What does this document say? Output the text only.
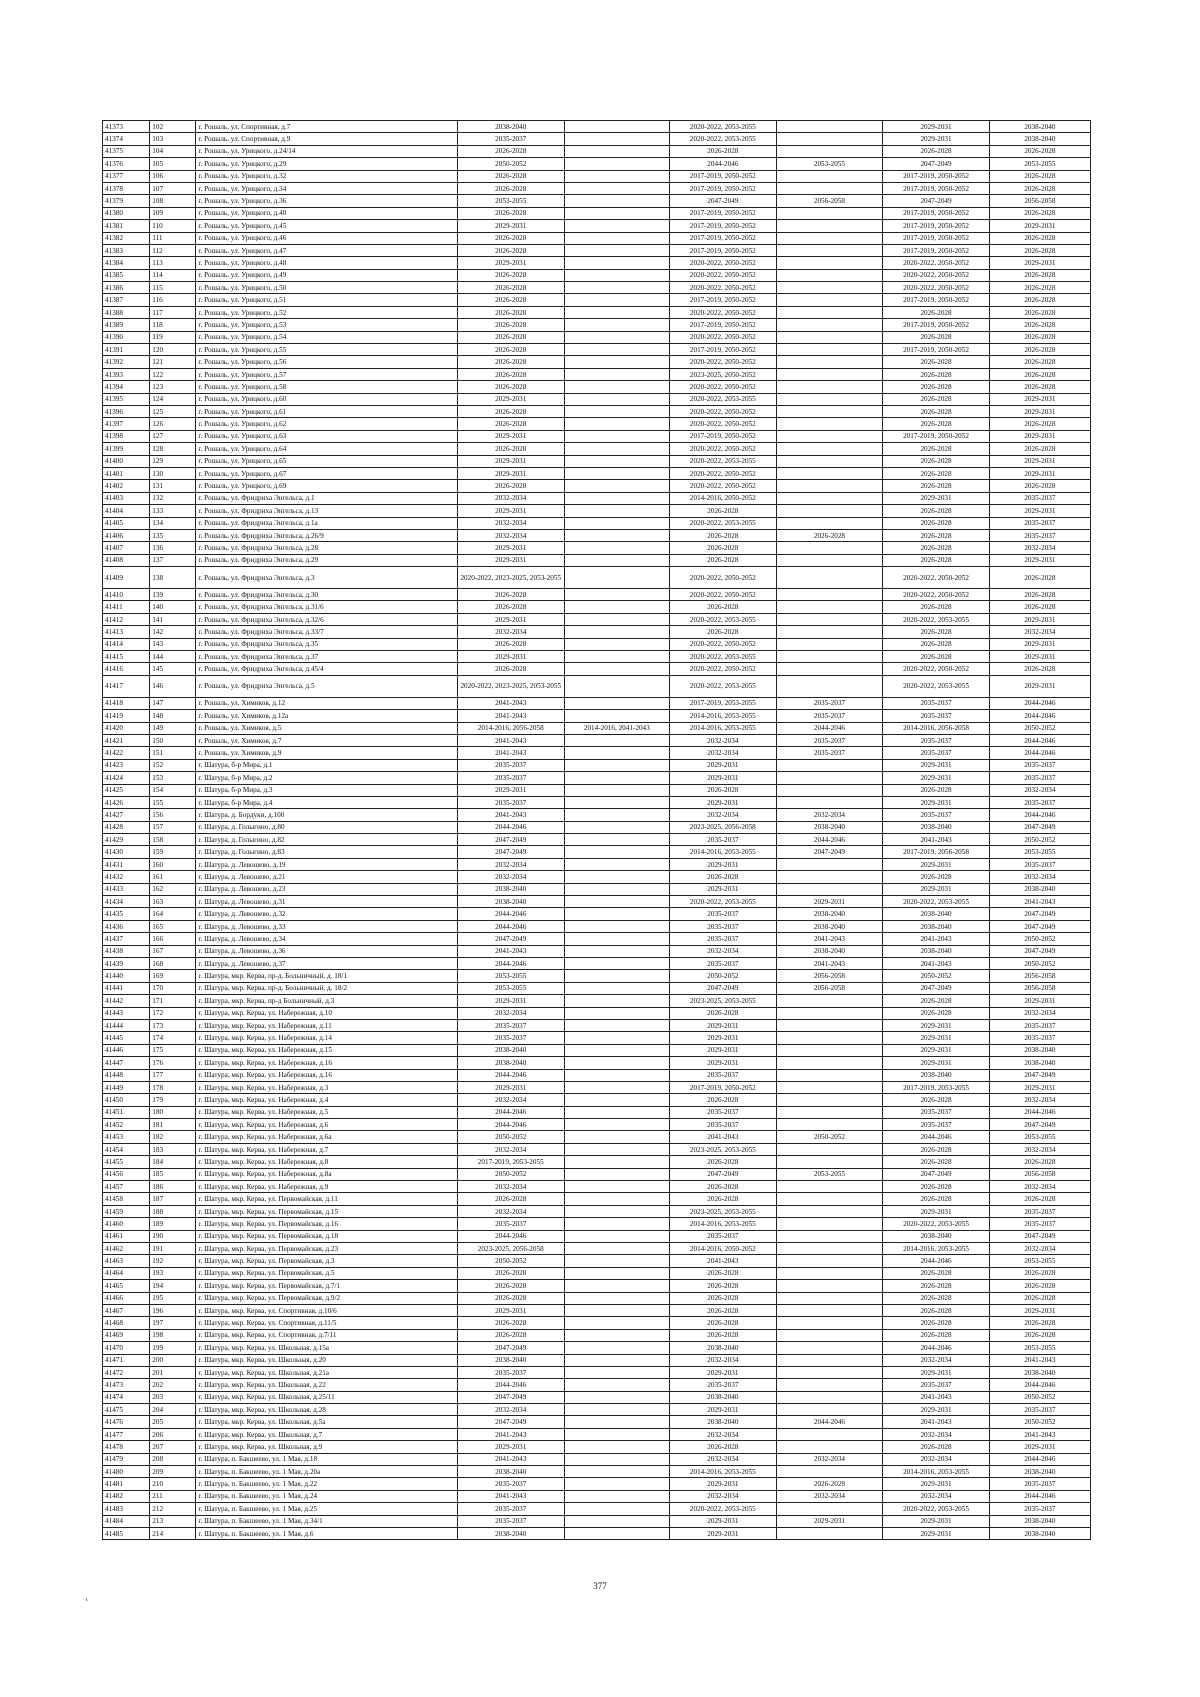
41373	102	г. Рошаль, ул. Спортивная, д.7	2038-2040		2020-2022, 2053-2055		2029-2031	2038-2040
41374	103	г. Рошаль, ул. Спортивная, д.9	2035-2037		2020-2022, 2053-2055		2029-2031	2038-2040
41375	104	г. Рошаль, ул. Урицкого, д.24/14	2026-2028		2026-2028		2026-2028	2026-2028
41376	105	г. Рошаль, ул. Урицкого, д.29	2050-2052		2044-2046	2053-2055	2047-2049	2053-2055
41377	106	г. Рошаль, ул. Урицкого, д.32	2026-2028		2017-2019, 2050-2052		2017-2019, 2050-2052	2026-2028
41378	107	г. Рошаль, ул. Урицкого, д.34	2026-2028		2017-2019, 2050-2052		2017-2019, 2050-2052	2026-2028
41379	108	г. Рошаль, ул. Урицкого, д.36	2053-2055		2047-2049	2056-2058	2047-2049	2056-2058
41380	109	г. Рошаль, ул. Урицкого, д.40	2026-2028		2017-2019, 2050-2052		2017-2019, 2050-2052	2026-2028
41381	110	г. Рошаль, ул. Урицкого, д.45	2029-2031		2017-2019, 2050-2052		2017-2019, 2050-2052	2029-2031
41382	111	г. Рошаль, ул. Урицкого, д.46	2026-2028		2017-2019, 2050-2052		2017-2019, 2050-2052	2026-2028
41383	112	г. Рошаль, ул. Урицкого, д.47	2026-2028		2017-2019, 2050-2052		2017-2019, 2050-2052	2026-2028
41384	113	г. Рошаль, ул. Урицкого, д.48	2029-2031		2020-2022, 2050-2052		2020-2022, 2050-2052	2029-2031
41385	114	г. Рошаль, ул. Урицкого, д.49	2026-2028		2020-2022, 2050-2052		2020-2022, 2050-2052	2026-2028
41386	115	г. Рошаль, ул. Урицкого, д.50	2026-2028		2020-2022, 2050-2052		2020-2022, 2050-2052	2026-2028
41387	116	г. Рошаль, ул. Урицкого, д.51	2026-2028		2017-2019, 2050-2052		2017-2019, 2050-2052	2026-2028
41388	117	г. Рошаль, ул. Урицкого, д.52	2026-2028		2020-2022, 2050-2052		2026-2028	2026-2028
41389	118	г. Рошаль, ул. Урицкого, д.53	2026-2028		2017-2019, 2050-2052		2017-2019, 2050-2052	2026-2028
41390	119	г. Рошаль, ул. Урицкого, д.54	2026-2028		2020-2022, 2050-2052		2026-2028	2026-2028
41391	120	г. Рошаль, ул. Урицкого, д.55	2026-2028		2017-2019, 2050-2052		2017-2019, 2050-2052	2026-2028
41392	121	г. Рошаль, ул. Урицкого, д.56	2026-2028		2020-2022, 2050-2052		2026-2028	2026-2028
41393	122	г. Рошаль, ул. Урицкого, д.57	2026-2028		2023-2025, 2050-2052		2026-2028	2026-2028
41394	123	г. Рошаль, ул. Урицкого, д.58	2026-2028		2020-2022, 2050-2052		2026-2028	2026-2028
41395	124	г. Рошаль, ул. Урицкого, д.60	2029-2031		2020-2022, 2053-2055		2026-2028	2029-2031
41396	125	г. Рошаль, ул. Урицкого, д.61	2026-2028		2020-2022, 2050-2052		2026-2028	2029-2031
41397	126	г. Рошаль, ул. Урицкого, д.62	2026-2028		2020-2022, 2050-2052		2026-2028	2026-2028
41398	127	г. Рошаль, ул. Урицкого, д.63	2029-2031		2017-2019, 2050-2052		2017-2019, 2050-2052	2029-2031
41399	128	г. Рошаль, ул. Урицкого, д.64	2026-2028		2020-2022, 2050-2052		2026-2028	2026-2028
41400	129	г. Рошаль, ул. Урицкого, д.65	2029-2031		2020-2022, 2053-2055		2026-2028	2029-2031
41401	130	г. Рошаль, ул. Урицкого, д.67	2029-2031		2020-2022, 2050-2052		2026-2028	2029-2031
41402	131	г. Рошаль, ул. Урицкого, д.69	2026-2028		2020-2022, 2050-2052		2026-2028	2026-2028
41403	132	г. Рошаль, ул. Фридриха Энгельса, д.1	2032-2034		2014-2016, 2050-2052		2029-2031	2035-2037
41404	133	г. Рошаль, ул. Фридриха Энгельса, д.13	2029-2031		2026-2028		2026-2028	2029-2031
41405	134	г. Рошаль, ул. Фридриха Энгельса, д.1а	2032-2034		2020-2022, 2053-2055		2026-2028	2035-2037
41406	135	г. Рошаль, ул. Фридриха Энгельса, д.26/9	2032-2034		2026-2028	2026-2028	2026-2028	2035-2037
41407	136	г. Рошаль, ул. Фридриха Энгельса, д.28	2029-2031		2026-2028		2026-2028	2032-2034
41408	137	г. Рошаль, ул. Фридриха Энгельса, д.29	2029-2031		2026-2028		2026-2028	2029-2031
41409	138	г. Рошаль, ул. Фридриха Энгельса, д.3	2020-2022, 2023-2025, 2053-2055		2020-2022, 2050-2052		2020-2022, 2050-2052	2026-2028
41410	139	г. Рошаль, ул. Фридриха Энгельса, д.30	2026-2028		2020-2022, 2050-2052		2020-2022, 2050-2052	2026-2028
41411	140	г. Рошаль, ул. Фридриха Энгельса, д.31/6	2026-2028		2026-2028		2026-2028	2026-2028
41412	141	г. Рошаль, ул. Фридриха Энгельса, д.32/6	2029-2031		2020-2022, 2053-2055		2020-2022, 2053-2055	2029-2031
41413	142	г. Рошаль, ул. Фридриха Энгельса, д.33/7	2032-2034		2026-2028		2026-2028	2032-2034
41414	143	г. Рошаль, ул. Фридриха Энгельса, д.35	2026-2028		2020-2022, 2050-2052		2026-2028	2029-2031
41415	144	г. Рошаль, ул. Фридриха Энгельса, д.37	2029-2031		2020-2022, 2053-2055		2026-2028	2029-2031
41416	145	г. Рошаль, ул. Фридриха Энгельса, д.45/4	2026-2028		2020-2022, 2050-2052		2020-2022, 2050-2052	2026-2028
41417	146	г. Рошаль, ул. Фридриха Энгельса, д.5	2020-2022, 2023-2025, 2053-2055		2020-2022, 2053-2055		2020-2022, 2053-2055	2029-2031
41418	147	г. Рошаль, ул. Химиков, д.12	2041-2043		2017-2019, 2053-2055	2035-2037	2035-2037	2044-2046
41419	148	г. Рошаль, ул. Химиков, д.12а	2041-2043		2014-2016, 2053-2055	2035-2037	2035-2037	2044-2046
41420	149	г. Рошаль, ул. Химиков, д.5	2014-2016, 2056-2058	2014-2016, 2041-2043	2014-2016, 2053-2055	2044-2046	2014-2016, 2056-2058	2050-2052
41421	150	г. Рошаль, ул. Химиков, д.7	2041-2043		2032-2034	2035-2037	2035-2037	2044-2046
41422	151	г. Рошаль, ул. Химиков, д.9	2041-2043		2032-2034	2035-2037	2035-2037	2044-2046
41423	152	г. Шатура, б-р Мира, д.1	2035-2037		2029-2031		2029-2031	2035-2037
41424	153	г. Шатура, б-р Мира, д.2	2035-2037		2029-2031		2029-2031	2035-2037
41425	154	г. Шатура, б-р Мира, д.3	2029-2031		2026-2028		2026-2028	2032-2034
41426	155	г. Шатура, б-р Мира, д.4	2035-2037		2029-2031		2029-2031	2035-2037
41427	156	г. Шатура, д. Бордуки, д.100	2041-2043		2032-2034	2032-2034	2035-2037	2044-2046
41428	157	г. Шатура, д. Голыгино, д.80	2044-2046		2023-2025, 2056-2058	2038-2040	2038-2040	2047-2049
41429	158	г. Шатура, д. Голыгино, д.82	2047-2049		2035-2037	2044-2046	2041-2043	2050-2052
41430	159	г. Шатура, д. Голыгино, д.83	2047-2049		2014-2016, 2053-2055	2047-2049	2017-2019, 2056-2058	2053-2055
41431	160	г. Шатура, д. Левошево, д.19	2032-2034		2029-2031		2029-2031	2035-2037
41432	161	г. Шатура, д. Левошево, д.21	2032-2034		2026-2028		2026-2028	2032-2034
41433	162	г. Шатура, д. Левошево, д.23	2038-2040		2029-2031		2029-2031	2038-2040
41434	163	г. Шатура, д. Левошево, д.31	2038-2040		2020-2022, 2053-2055	2029-2031	2020-2022, 2053-2055	2041-2043
41435	164	г. Шатура, д. Левошево, д.32	2044-2046		2035-2037	2038-2040	2038-2040	2047-2049
41436	165	г. Шатура, д. Левошево, д.33	2044-2046		2035-2037	2038-2040	2038-2040	2047-2049
41437	166	г. Шатура, д. Левошево, д.34	2047-2049		2035-2037	2041-2043	2041-2043	2050-2052
41438	167	г. Шатура, д. Левошево, д.36	2041-2043		2032-2034	2038-2040	2038-2040	2047-2049
41439	168	г. Шатура, д. Левошево, д.37	2044-2046		2035-2037	2041-2043	2041-2043	2050-2052
41440	169	г. Шатура, мкр. Керва, пр-д. Больничный, д. 18/1	2053-2055		2050-2052	2056-2058	2050-2052	2056-2058
41441	170	г. Шатура, мкр. Керва, пр-д. Больничный, д. 18/2	2053-2055		2047-2049	2056-2058	2047-2049	2056-2058
41442	171	г. Шатура, мкр. Керва, пр-д Больничный, д.3	2029-2031		2023-2025, 2053-2055		2026-2028	2029-2031
41443	172	г. Шатура, мкр. Керва, ул. Набережная, д.10	2032-2034		2026-2028		2026-2028	2032-2034
41444	173	г. Шатура, мкр. Керва, ул. Набережная, д.11	2035-2037		2029-2031		2029-2031	2035-2037
41445	174	г. Шатура, мкр. Керва, ул. Набережная, д.14	2035-2037		2029-2031		2029-2031	2035-2037
41446	175	г. Шатура, мкр. Керва, ул. Набережная, д.15	2038-2040		2029-2031		2029-2031	2038-2040
41447	176	г. Шатура, мкр. Керва, ул. Набережная, д.16	2038-2040		2029-2031		2029-2031	2038-2040
41448	177	г. Шатура, мкр. Керва, ул. Набережная, д.16	2044-2046		2035-2037		2038-2040	2047-2049
41449	178	г. Шатура, мкр. Керва, ул. Набережная, д.3	2029-2031		2017-2019, 2050-2052		2017-2019, 2053-2055	2029-2031
41450	179	г. Шатура, мкр. Керва, ул. Набережная, д.4	2032-2034		2026-2028		2026-2028	2032-2034
41451	180	г. Шатура, мкр. Керва, ул. Набережная, д.5	2044-2046		2035-2037		2035-2037	2044-2046
41452	181	г. Шатура, мкр. Керва, ул. Набережная, д.6	2044-2046		2035-2037		2035-2037	2047-2049
41453	182	г. Шатура, мкр. Керва, ул. Набережная, д.6а	2050-2052		2041-2043	2050-2052	2044-2046	2053-2055
41454	183	г. Шатура, мкр. Керва, ул. Набережная, д.7	2032-2034		2023-2025, 2053-2055		2026-2028	2032-2034
41455	184	г. Шатура, мкр. Керва, ул. Набережная, д.8	2017-2019, 2053-2055		2026-2028		2026-2028	2026-2028
41456	185	г. Шатура, мкр. Керва, ул. Набережная, д.8а	2050-2052		2047-2049	2053-2055	2047-2049	2056-2058
41457	186	г. Шатура, мкр. Керва, ул. Набережная, д.9	2032-2034		2026-2028		2026-2028	2032-2034
41458	187	г. Шатура, мкр. Керва, ул. Первомайская, д.11	2026-2028		2026-2028		2026-2028	2026-2028
41459	188	г. Шатура, мкр. Керва, ул. Первомайская, д.15	2032-2034		2023-2025, 2053-2055		2029-2031	2035-2037
41460	189	г. Шатура, мкр. Керва, ул. Первомайская, д.16	2035-2037		2014-2016, 2053-2055		2020-2022, 2053-2055	2035-2037
41461	190	г. Шатура, мкр. Керва, ул. Первомайская, д.18	2044-2046		2035-2037		2038-2040	2047-2049
41462	191	г. Шатура, мкр. Керва, ул. Первомайская, д.23	2023-2025, 2056-2058		2014-2016, 2050-2052		2014-2016, 2053-2055	2032-2034
41463	192	г. Шатура, мкр. Керва, ул. Первомайская, д.3	2050-2052		2041-2043		2044-2046	2053-2055
41464	193	г. Шатура, мкр. Керва, ул. Первомайская, д.5	2026-2028		2026-2028		2026-2028	2026-2028
41465	194	г. Шатура, мкр. Керва, ул. Первомайская, д.7/1	2026-2028		2026-2028		2026-2028	2026-2028
41466	195	г. Шатура, мкр. Керва, ул. Первомайская, д.9/2	2026-2028		2026-2028		2026-2028	2026-2028
41467	196	г. Шатура, мкр. Керва, ул. Спортивная, д.10/6	2029-2031		2026-2028		2026-2028	2029-2031
41468	197	г. Шатура, мкр. Керва, ул. Спортивная, д.11/5	2026-2028		2026-2028		2026-2028	2026-2028
41469	198	г. Шатура, мкр. Керва, ул. Спортивная, д.7/11	2026-2028		2026-2028		2026-2028	2026-2028
41470	199	г. Шатура, мкр. Керва, ул. Школьная, д.15а	2047-2049		2038-2040		2044-2046	2053-2055
41471	200	г. Шатура, мкр. Керва, ул. Школьная, д.20	2038-2040		2032-2034		2032-2034	2041-2043
41472	201	г. Шатура, мкр. Керва, ул. Школьная, д.21а	2035-2037		2029-2031		2029-2031	2038-2040
41473	202	г. Шатура, мкр. Керва, ул. Школьная, д.22	2044-2046		2035-2037		2035-2037	2044-2046
41474	203	г. Шатура, мкр. Керва, ул. Школьная, д.25/11	2047-2049		2038-2040		2041-2043	2050-2052
41475	204	г. Шатура, мкр. Керва, ул. Школьная, д.28	2032-2034		2029-2031		2029-2031	2035-2037
41476	205	г. Шатура, мкр. Керва, ул. Школьная, д.5а	2047-2049		2038-2040	2044-2046	2041-2043	2050-2052
41477	206	г. Шатура, мкр. Керва, ул. Школьная, д.7	2041-2043		2032-2034		2032-2034	2041-2043
41478	207	г. Шатура, мкр. Керва, ул. Школьная, д.9	2029-2031		2026-2028		2026-2028	2029-2031
41479	208	г. Шатура, п. Бакшеево, ул. 1 Мая, д.18	2041-2043		2032-2034	2032-2034	2032-2034	2044-2046
41480	209	г. Шатура, п. Бакшеево, ул. 1 Мая, д.20а	2038-2040		2014-2016, 2053-2055		2014-2016, 2053-2055	2038-2040
41481	210	г. Шатура, п. Бакшеево, ул. 1 Мая, д.22	2035-2037		2029-2031	2026-2028	2029-2031	2035-2037
41482	211	г. Шатура, п. Бакшеево, ул. 1 Мая, д.24	2041-2043		2032-2034	2032-2034	2032-2034	2044-2046
41483	212	г. Шатура, п. Бакшеево, ул. 1 Мая, д.25	2035-2037		2020-2022, 2053-2055		2020-2022, 2053-2055	2035-2037
41484	213	г. Шатура, п. Бакшеево, ул. 1 Мая, д.34/1	2035-2037		2029-2031	2029-2031	2029-2031	2038-2040
41485	214	г. Шатура, п. Бакшеево, ул. 1 Мая, д.6	2038-2040		2029-2031		2029-2031	2038-2040
377
ι
